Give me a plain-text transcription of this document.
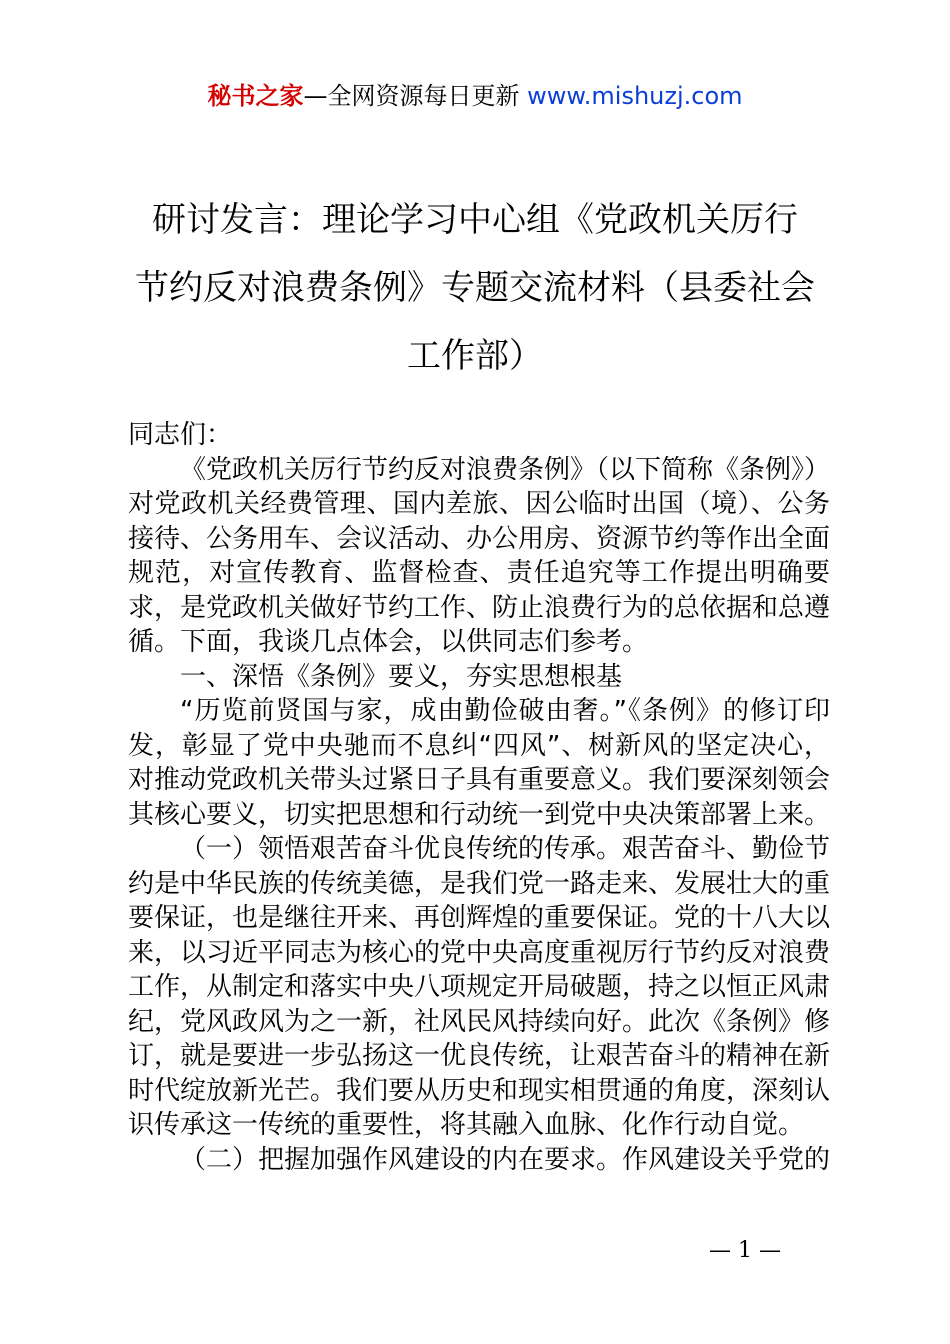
秘书之家—全网资源每日更新 www.mishuzj.com
研讨发言：理论学习中心组《党政机关厉行
节约反对浪费条例》专题交流材料（县委社会
工作部）

同志们：

《党政机关厉行节约反对浪费条例》（以下简称《条例》）对党政机关经费管理、国内差旅、因公临时出国（境）、公务接待、公务用车、会议活动、办公用房、资源节约等作出全面规范，对宣传教育、监督检查、责任追究等工作提出明确要求，是党政机关做好节约工作、防止浪费行为的总依据和总遵循。下面，我谈几点体会，以供同志们参考。

一、深悟《条例》要义，夯实思想根基

“历览前贤国与家，成由勤俭破由奢。”《条例》的修订印发，彰显了党中央驰而不息纠“四风”、树新风的坚定决心，对推动党政机关带头过紧日子具有重要意义。我们要深刻领会其核心要义，切实把思想和行动统一到党中央决策部署上来。

（一）领悟艰苦奋斗优良传统的传承。艰苦奋斗、勤俭节约是中华民族的传统美德，是我们党一路走来、发展壮大的重要保证，也是继往开来、再创辉煌的重要保证。党的十八大以来，以习近平同志为核心的党中央高度重视厉行节约反对浪费工作，从制定和落实中央八项规定开局破题，持之以恒正风肃纪，党风政风为之一新，社风民风持续向好。此次《条例》修订，就是要进一步弘扬这一优良传统，让艰苦奋斗的精神在新时代绽放新光芒。我们要从历史和现实相贯通的角度，深刻认识传承这一传统的重要性，将其融入血脉、化作行动自觉。

（二）把握加强作风建设的内在要求。作风建设关乎党的

— 1 —
